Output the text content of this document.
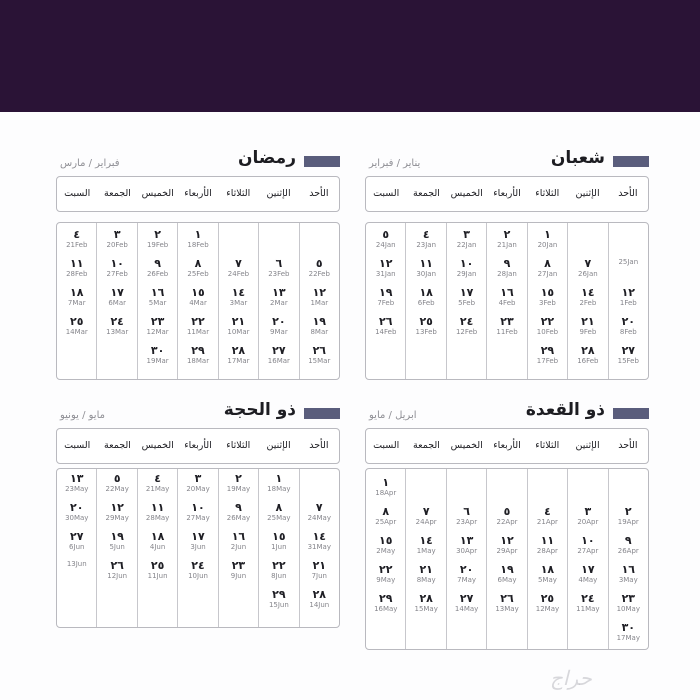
شعبان
يناير / فبراير
الأحد
الإثنين
الثلاثاء
الأربعاء
الخميس
الجمعة
السبت
25Jan
١٢
1Feb
٢٠
8Feb
٢٧
15Feb
٧
26Jan
١٤
2Feb
٢١
9Feb
٢٨
16Feb
١
20Jan
٨
27Jan
١٥
3Feb
٢٢
10Feb
٢٩
17Feb
٢
21Jan
٩
28Jan
١٦
4Feb
٢٣
11Feb
٣
22Jan
١٠
29Jan
١٧
5Feb
٢٤
12Feb
٤
23Jan
١١
30Jan
١٨
6Feb
٢٥
13Feb
٥
24Jan
١٢
31Jan
١٩
7Feb
٢٦
14Feb
رمضان
فبراير / مارس
الأحد
الإثنين
الثلاثاء
الأربعاء
الخميس
الجمعة
السبت
٥
22Feb
١٢
1Mar
١٩
8Mar
٢٦
15Mar
٦
23Feb
١٣
2Mar
٢٠
9Mar
٢٧
16Mar
٧
24Feb
١٤
3Mar
٢١
10Mar
٢٨
17Mar
١
18Feb
٨
25Feb
١٥
4Mar
٢٢
11Mar
٢٩
18Mar
٢
19Feb
٩
26Feb
١٦
5Mar
٢٣
12Mar
٣٠
19Mar
٣
20Feb
١٠
27Feb
١٧
6Mar
٢٤
13Mar
٤
21Feb
١١
28Feb
١٨
7Mar
٢٥
14Mar
ذو القعدة
ابريل / مايو
الأحد
الإثنين
الثلاثاء
الأربعاء
الخميس
الجمعة
السبت
٢
19Apr
٩
26Apr
١٦
3May
٢٣
10May
٣٠
17May
٣
20Apr
١٠
27Apr
١٧
4May
٢٤
11May
٤
21Apr
١١
28Apr
١٨
5May
٢٥
12May
٥
22Apr
١٢
29Apr
١٩
6May
٢٦
13May
٦
23Apr
١٣
30Apr
٢٠
7May
٢٧
14May
٧
24Apr
١٤
1May
٢١
8May
٢٨
15May
١
18Apr
٨
25Apr
١٥
2May
٢٢
9May
٢٩
16May
ذو الحجة
مايو / يونيو
الأحد
الإثنين
الثلاثاء
الأربعاء
الخميس
الجمعة
السبت
٧
24May
١٤
31May
٢١
7Jun
٢٨
14Jun
١
18May
٨
25May
١٥
1Jun
٢٢
8Jun
٢٩
15Jun
٢
19May
٩
26May
١٦
2Jun
٢٣
9Jun
٣
20May
١٠
27May
١٧
3Jun
٢٤
10Jun
٤
21May
١١
28May
١٨
4Jun
٢٥
11Jun
٥
22May
١٢
29May
١٩
5Jun
٢٦
12Jun
١٣
23May
٢٠
30May
٢٧
6Jun
13Jun
حراج
